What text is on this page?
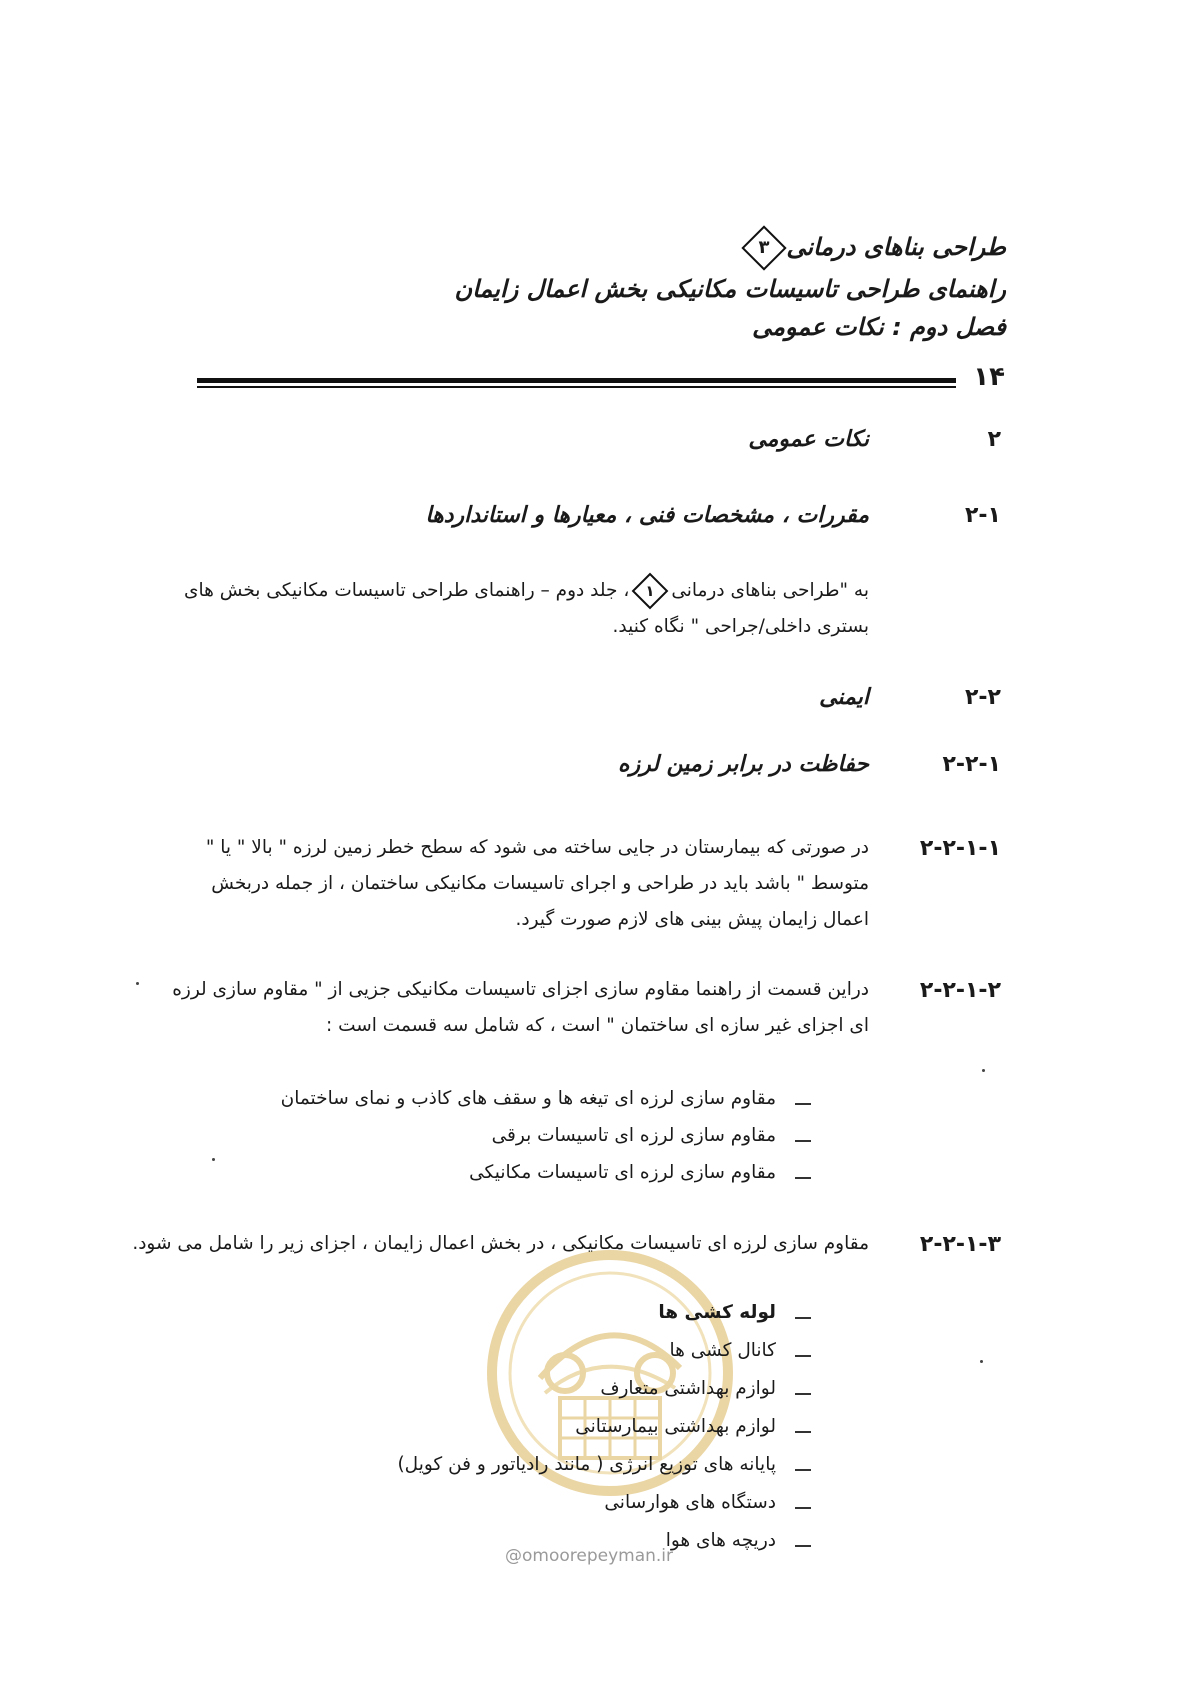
طراحی بناهای درمانی
۳
راهنمای طراحی تاسیسات مکانیکی بخش اعمال زایمان
فصل دوم : نکات عمومی
۱۴
۲
نکات عمومی
۲-۱
مقررات ، مشخصات فنی ، معیارها و استانداردها
به "طراحی بناهای درمانی
۱
، جلد دوم – راهنمای طراحی تاسیسات مکانیکی بخش های بستری داخلی/جراحی " نگاه کنید.
۲-۲
ایمنی
۲-۲-۱
حفاظت در برابر زمین لرزه
۲-۲-۱-۱
در صورتی که بیمارستان در جایی ساخته می شود که سطح خطر زمین لرزه " بالا " یا " متوسط " باشد باید در طراحی و اجرای تاسیسات مکانیکی ساختمان ، از جمله دربخش اعمال زایمان پیش بینی های لازم صورت گیرد.
۲-۲-۱-۲
دراین قسمت از راهنما مقاوم سازی اجزای تاسیسات مکانیکی جزیی از " مقاوم سازی لرزه ای اجزای غیر سازه ای ساختمان " است ، که شامل سه قسمت است :
مقاوم سازی لرزه ای تیغه ها و سقف های کاذب و نمای ساختمان
مقاوم سازی لرزه ای تاسیسات برقی
مقاوم سازی لرزه ای تاسیسات مکانیکی
۲-۲-۱-۳
مقاوم سازی لرزه ای تاسیسات مکانیکی ، در بخش اعمال زایمان ، اجزای زیر را شامل می شود.
@omoorepeyman.ir
لوله کشی ها
کانال کشی ها
لوازم بهداشتی متعارف
لوازم بهداشتی بیمارستانی
پایانه های توزیع انرژی ( مانند رادیاتور و فن کویل)
دستگاه های هوارسانی
دریچه های هوا
